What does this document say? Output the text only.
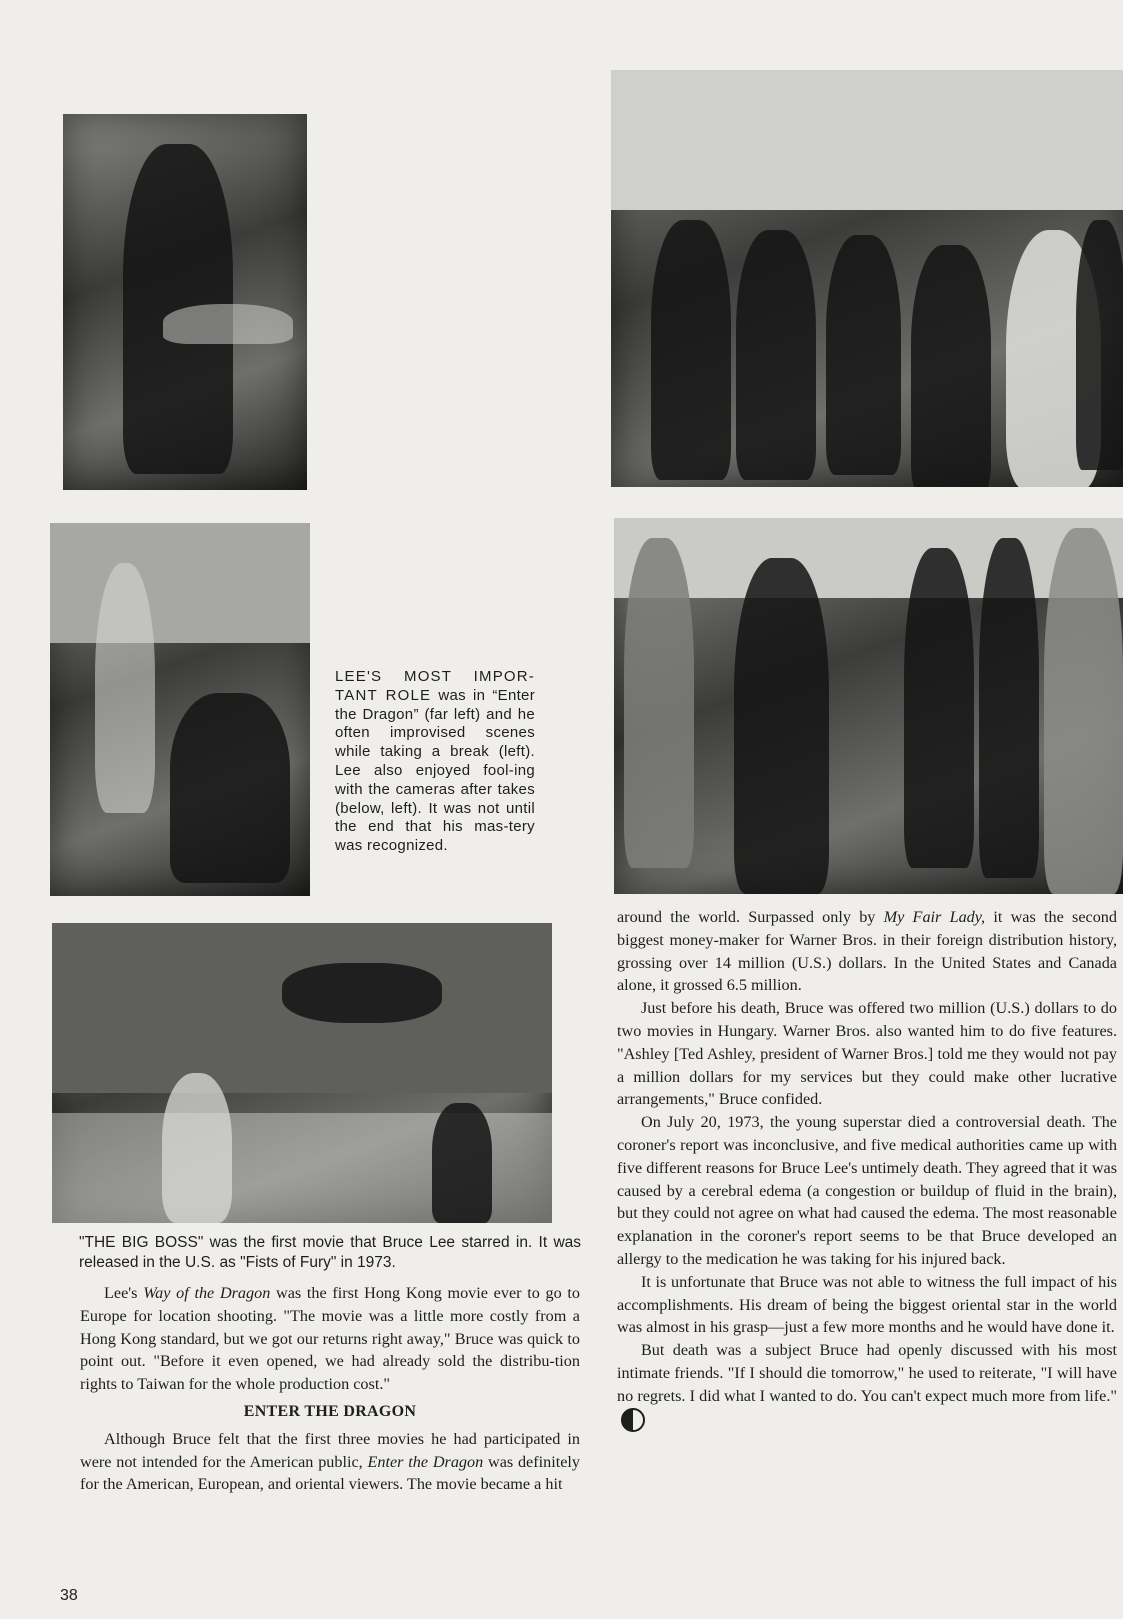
LEE'S MOST IMPOR-TANT ROLE was in “Enter the Dragon” (far left) and he often improvised scenes while taking a break (left). Lee also enjoyed fool-ing with the cameras after takes (below, left). It was not until the end that his mas-tery was recognized.
"THE BIG BOSS" was the first movie that Bruce Lee starred in. It was released in the U.S. as "Fists of Fury" in 1973.

Lee's Way of the Dragon was the first Hong Kong movie ever to go to Europe for location shooting. "The movie was a little more costly from a Hong Kong standard, but we got our returns right away," Bruce was quick to point out. "Before it even opened, we had already sold the distribu-tion rights to Taiwan for the whole production cost."

ENTER THE DRAGON

Although Bruce felt that the first three movies he had participated in were not intended for the American public, Enter the Dragon was definitely for the American, European, and oriental viewers. The movie became a hit

around the world. Surpassed only by My Fair Lady, it was the second biggest money-maker for Warner Bros. in their foreign distribution history, grossing over 14 million (U.S.) dollars. In the United States and Canada alone, it grossed 6.5 million.

Just before his death, Bruce was offered two million (U.S.) dollars to do two movies in Hungary. Warner Bros. also wanted him to do five features. "Ashley [Ted Ashley, president of Warner Bros.] told me they would not pay a million dollars for my services but they could make other lucrative arrangements," Bruce confided.

On July 20, 1973, the young superstar died a controversial death. The coroner's report was inconclusive, and five medical authorities came up with five different reasons for Bruce Lee's untimely death. They agreed that it was caused by a cerebral edema (a congestion or buildup of fluid in the brain), but they could not agree on what had caused the edema. The most reasonable explanation in the coroner's report seems to be that Bruce developed an allergy to the medication he was taking for his injured back.

It is unfortunate that Bruce was not able to witness the full impact of his accomplishments. His dream of being the biggest oriental star in the world was almost in his grasp—just a few more months and he would have done it.

But death was a subject Bruce had openly discussed with his most intimate friends. "If I should die tomorrow," he used to reiterate, "I will have no regrets. I did what I wanted to do. You can't expect much more from life."

38
